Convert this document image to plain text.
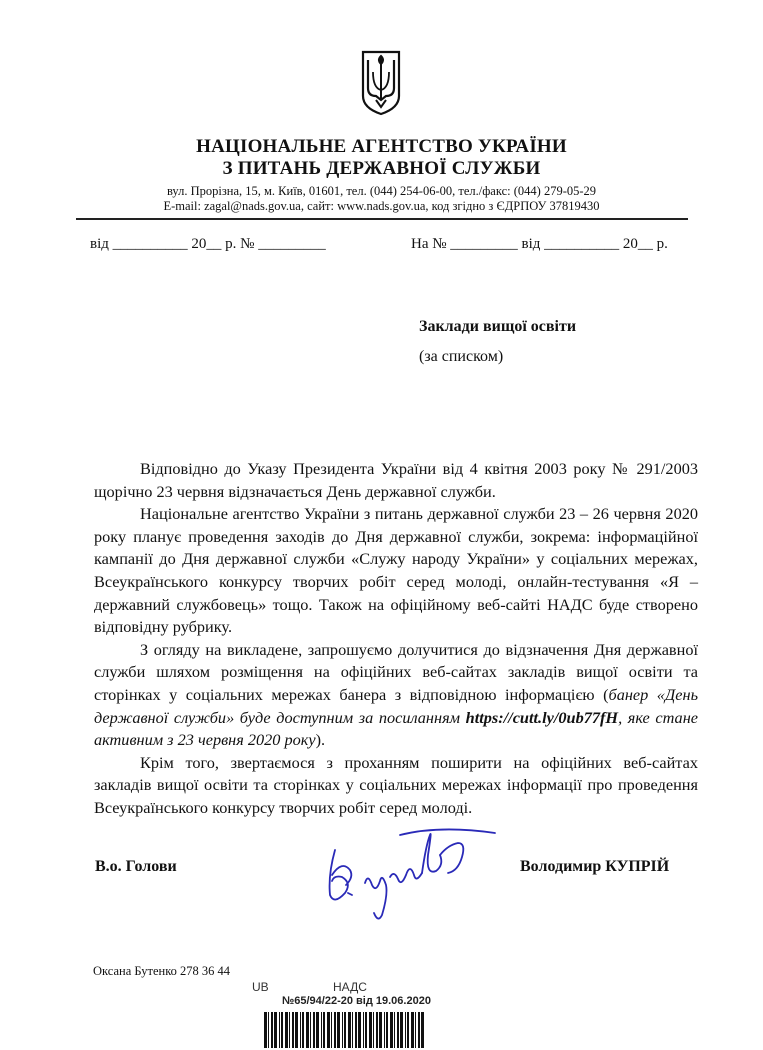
НАЦІОНАЛЬНЕ АГЕНТСТВО УКРАЇНИ
З ПИТАНЬ ДЕРЖАВНОЇ СЛУЖБИ
вул. Прорізна, 15, м. Київ, 01601, тел. (044) 254-06-00, тел./факс: (044) 279-05-29
E-mail: zagal@nads.gov.ua, сайт: www.nads.gov.ua, код згідно з ЄДРПОУ 37819430
від __________ 20__ р. № _________	На № _________ від __________ 20__ р.
Заклади вищої освіти
(за списком)

Відповідно до Указу Президента України від 4 квітня 2003 року № 291/2003 щорічно 23 червня відзначається День державної служби.

Національне агентство України з питань державної служби 23 – 26 червня 2020 року планує проведення заходів до Дня державної служби, зокрема: інформаційної кампанії до Дня державної служби «Служу народу України» у соціальних мережах, Всеукраїнського конкурсу творчих робіт серед молоді, онлайн-тестування «Я – державний службовець» тощо. Також на офіційному веб-сайті НАДС буде створено відповідну рубрику.

З огляду на викладене, запрошуємо долучитися до відзначення Дня державної служби шляхом розміщення на офіційних веб-сайтах закладів вищої освіти та сторінках у соціальних мережах банера з відповідною інформацією (банер «День державної служби» буде доступним за посиланням https://cutt.ly/0ub77fH, яке стане активним з 23 червня 2020 року).

Крім того, звертаємося з проханням поширити на офіційних веб-сайтах закладів вищої освіти та сторінках у соціальних мережах інформації про проведення Всеукраїнського конкурсу творчих робіт серед молоді.

В.о. Голови	Володимир КУПРІЙ
Оксана Бутенко 278 36 44
UB	НАДС
№65/94/22-20 від 19.06.2020
